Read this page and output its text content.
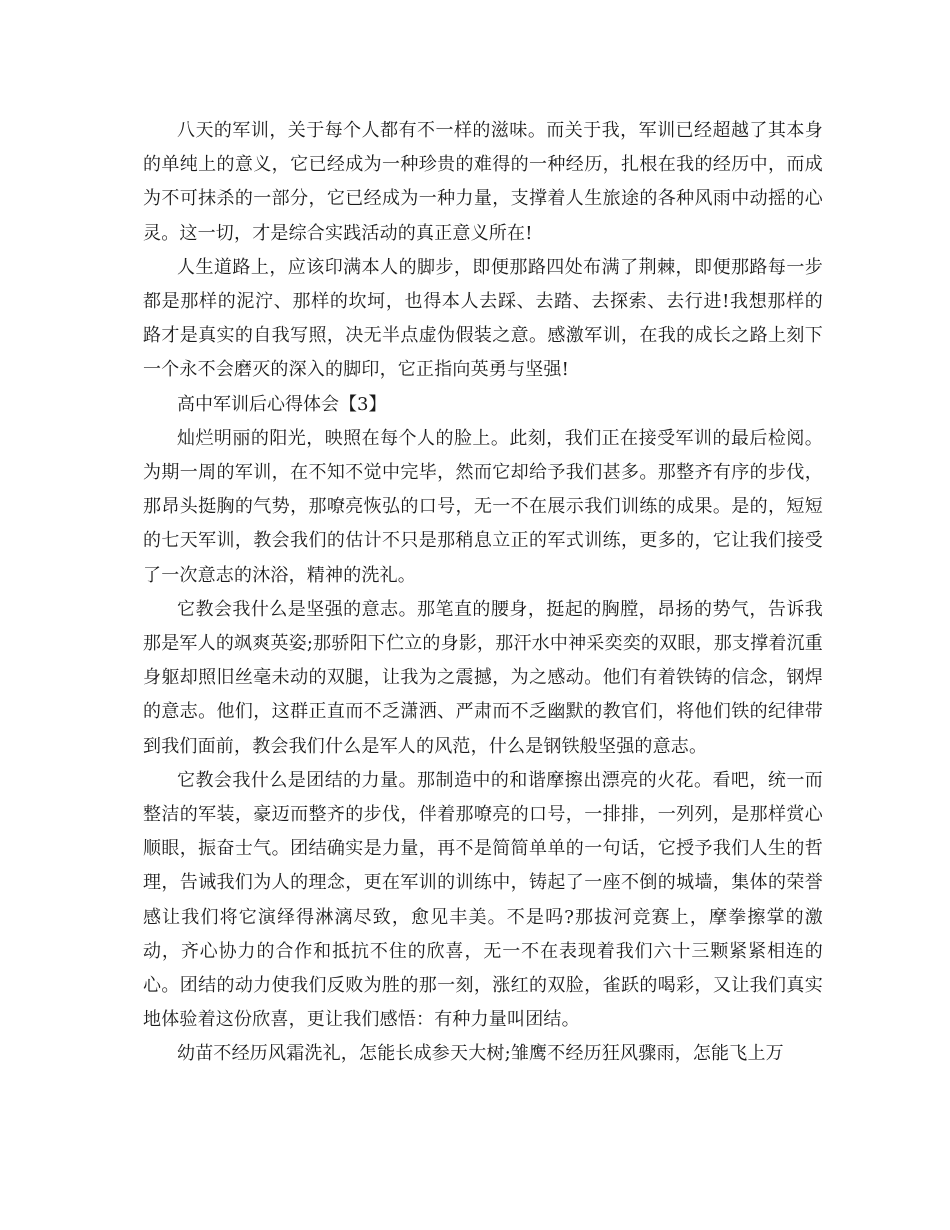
八天的军训，关于每个人都有不一样的滋味。而关于我，军训已经超越了其本身的单纯上的意义，它已经成为一种珍贵的难得的一种经历，扎根在我的经历中，而成为不可抹杀的一部分，它已经成为一种力量，支撑着人生旅途的各种风雨中动摇的心灵。这一切，才是综合实践活动的真正意义所在!

人生道路上，应该印满本人的脚步，即便那路四处布满了荆棘，即便那路每一步都是那样的泥泞、那样的坎坷，也得本人去踩、去踏、去探索、去行进!我想那样的路才是真实的自我写照，决无半点虚伪假装之意。感激军训，在我的成长之路上刻下一个永不会磨灭的深入的脚印，它正指向英勇与坚强!

高中军训后心得体会【3】

灿烂明丽的阳光，映照在每个人的脸上。此刻，我们正在接受军训的最后检阅。为期一周的军训，在不知不觉中完毕，然而它却给予我们甚多。那整齐有序的步伐，那昂头挺胸的气势，那嘹亮恢弘的口号，无一不在展示我们训练的成果。是的，短短的七天军训，教会我们的估计不只是那稍息立正的军式训练，更多的，它让我们接受了一次意志的沐浴，精神的洗礼。

它教会我什么是坚强的意志。那笔直的腰身，挺起的胸膛，昂扬的势气，告诉我那是军人的飒爽英姿;那骄阳下伫立的身影，那汗水中神采奕奕的双眼，那支撑着沉重身躯却照旧丝毫未动的双腿，让我为之震撼，为之感动。他们有着铁铸的信念，钢焊的意志。他们，这群正直而不乏潇洒、严肃而不乏幽默的教官们，将他们铁的纪律带到我们面前，教会我们什么是军人的风范，什么是钢铁般坚强的意志。

它教会我什么是团结的力量。那制造中的和谐摩擦出漂亮的火花。看吧，统一而整洁的军装，豪迈而整齐的步伐，伴着那嘹亮的口号，一排排，一列列，是那样赏心顺眼，振奋士气。团结确实是力量，再不是简简单单的一句话，它授予我们人生的哲理，告诫我们为人的理念，更在军训的训练中，铸起了一座不倒的城墙，集体的荣誉感让我们将它演绎得淋漓尽致，愈见丰美。不是吗?那拔河竞赛上，摩拳擦掌的激动，齐心协力的合作和抵抗不住的欣喜，无一不在表现着我们六十三颗紧紧相连的心。团结的动力使我们反败为胜的那一刻，涨红的双脸，雀跃的喝彩，又让我们真实地体验着这份欣喜，更让我们感悟：有种力量叫团结。

幼苗不经历风霜洗礼，怎能长成参天大树;雏鹰不经历狂风骤雨，怎能飞上万
